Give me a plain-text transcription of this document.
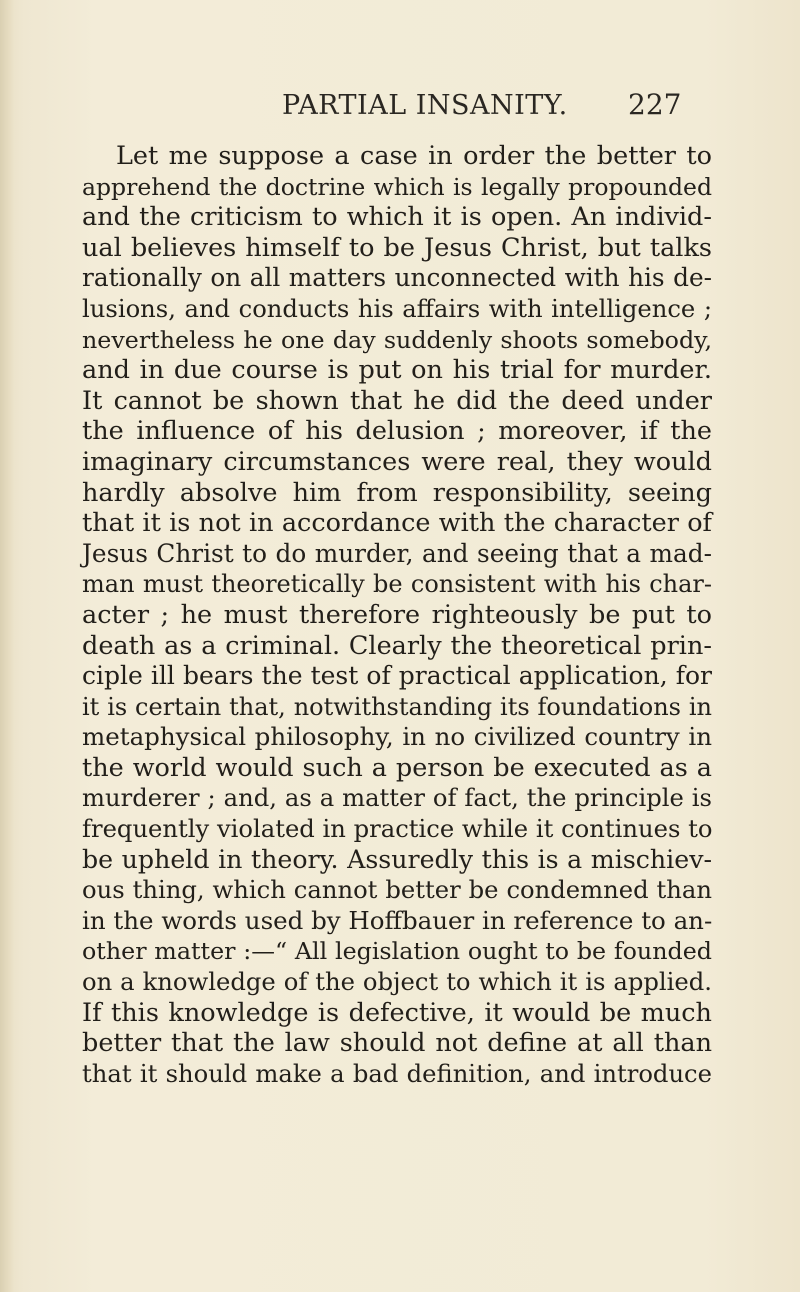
PARTIAL INSANITY. 227
Let me suppose a case in order the better to
apprehend the doctrine which is legally propounded
and the criticism to which it is open. An individ-
ual believes himself to be Jesus Christ, but talks
rationally on all matters unconnected with his de-
lusions, and conducts his affairs with intelligence ;
nevertheless he one day suddenly shoots somebody,
and in due course is put on his trial for murder.
It cannot be shown that he did the deed under
the influence of his delusion ; moreover, if the
imaginary circumstances were real, they would
hardly absolve him from responsibility, seeing
that it is not in accordance with the character of
Jesus Christ to do murder, and seeing that a mad-
man must theoretically be consistent with his char-
acter ; he must therefore righteously be put to
death as a criminal. Clearly the theoretical prin-
ciple ill bears the test of practical application, for
it is certain that, notwithstanding its foundations in
metaphysical philosophy, in no civilized country in
the world would such a person be executed as a
murderer ; and, as a matter of fact, the principle is
frequently violated in practice while it continues to
be upheld in theory. Assuredly this is a mischiev-
ous thing, which cannot better be condemned than
in the words used by Hoffbauer in reference to an-
other matter :—“ All legislation ought to be founded
on a knowledge of the object to which it is applied.
If this knowledge is defective, it would be much
better that the law should not define at all than
that it should make a bad definition, and introduce
